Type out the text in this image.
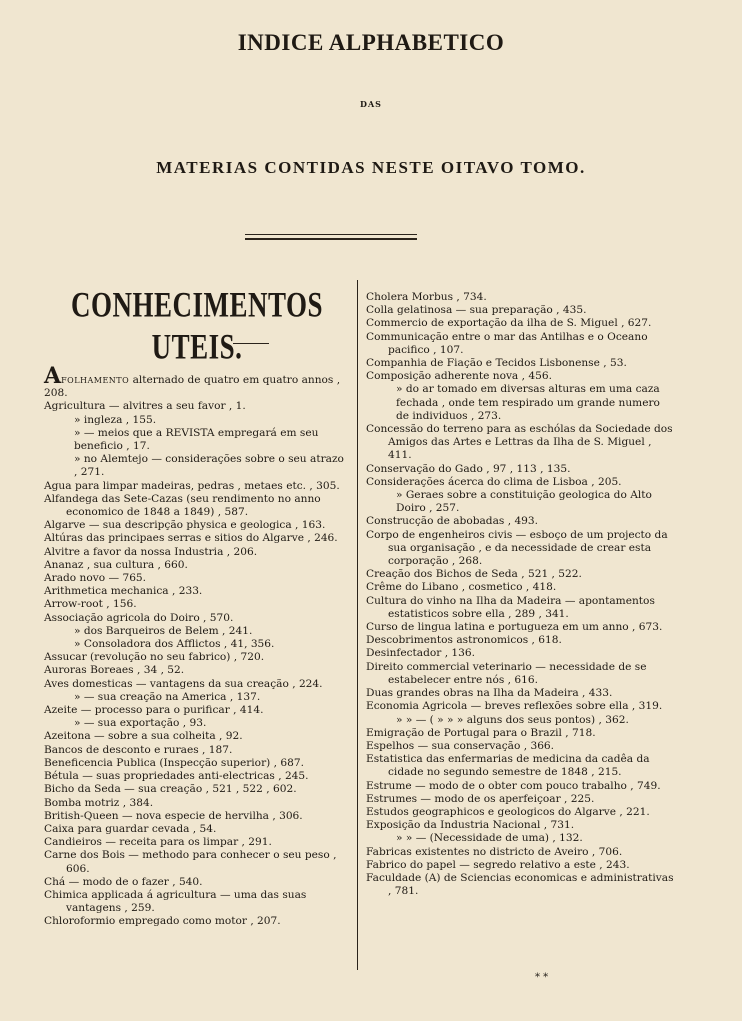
INDICE ALPHABETICO
DAS
MATERIAS CONTIDAS NESTE OITAVO TOMO.
CONHECIMENTOS UTEIS.

AFOLHAMENTO alternado de quatro em quatro annos , 208.

Agricultura — alvitres a seu favor , 1.

» ingleza , 155.

» — meios que a REVISTA empregará em seu beneficio , 17.

» no Alemtejo — considerações sobre o seu atrazo , 271.

Agua para limpar madeiras, pedras , metaes etc. , 305.

Alfandega das Sete-Cazas (seu rendimento no anno economico de 1848 a 1849) , 587.

Algarve — sua descripção physica e geologica , 163.

Altúras das principaes serras e sitios do Algarve , 246.

Alvitre a favor da nossa Industria , 206.

Ananaz , sua cultura , 660.

Arado novo — 765.

Arithmetica mechanica , 233.

Arrow-root , 156.

Associação agricola do Doiro , 570.

» dos Barqueiros de Belem , 241.

» Consoladora dos Afflictos , 41, 356.

Assucar (revolução no seu fabrico) , 720.

Auroras Boreaes , 34 , 52.

Aves domesticas — vantagens da sua creação , 224.

» — sua creação na America , 137.

Azeite — processo para o purificar , 414.

» — sua exportação , 93.

Azeitona — sobre a sua colheita , 92.

Bancos de desconto e ruraes , 187.

Beneficencia Publica (Inspecção superior) , 687.

Bétula — suas propriedades anti-electricas , 245.

Bicho da Seda — sua creação , 521 , 522 , 602.

Bomba motriz , 384.

British-Queen — nova especie de hervilha , 306.

Caixa para guardar cevada , 54.

Candieiros — receita para os limpar , 291.

Carne dos Bois — methodo para conhecer o seu peso , 606.

Chá — modo de o fazer , 540.

Chimica applicada á agricultura — uma das suas vantagens , 259.

Chloroformio empregado como motor , 207.

Cholera Morbus , 734.

Colla gelatinosa — sua preparação , 435.

Commercio de exportação da ilha de S. Miguel , 627.

Communicação entre o mar das Antilhas e o Oceano pacifico , 107.

Companhia de Fiação e Tecidos Lisbonense , 53.

Composição adherente nova , 456.

» do ar tomado em diversas alturas em uma caza fechada , onde tem respirado um grande numero de individuos , 273.

Concessão do terreno para as eschólas da Sociedade dos Amigos das Artes e Lettras da Ilha de S. Miguel , 411.

Conservação do Gado , 97 , 113 , 135.

Considerações ácerca do clima de Lisboa , 205.

» Geraes sobre a constituição geologica do Alto Doiro , 257.

Construcção de abobadas , 493.

Corpo de engenheiros civis — esboço de um projecto da sua organisação , e da necessidade de crear esta corporação , 268.

Creação dos Bichos de Seda , 521 , 522.

Crême do Libano , cosmetico , 418.

Cultura do vinho na Ilha da Madeira — apontamentos estatisticos sobre ella , 289 , 341.

Curso de lingua latina e portugueza em um anno , 673.

Descobrimentos astronomicos , 618.

Desinfectador , 136.

Direito commercial veterinario — necessidade de se estabelecer entre nós , 616.

Duas grandes obras na Ilha da Madeira , 433.

Economia Agricola — breves reflexões sobre ella , 319.

» » — ( » » » alguns dos seus pontos) , 362.

Emigração de Portugal para o Brazil , 718.

Espelhos — sua conservação , 366.

Estatistica das enfermarias de medicina da cadêa da cidade no segundo semestre de 1848 , 215.

Estrume — modo de o obter com pouco trabalho , 749.

Estrumes — modo de os aperfeiçoar , 225.

Estudos geographicos e geologicos do Algarve , 221.

Exposição da Industria Nacional , 731.

» » — (Necessidade de uma) , 132.

Fabricas existentes no districto de Aveiro , 706.

Fabrico do papel — segredo relativo a este , 243.

Faculdade (A) de Sciencias economicas e administrativas , 781.

* *
